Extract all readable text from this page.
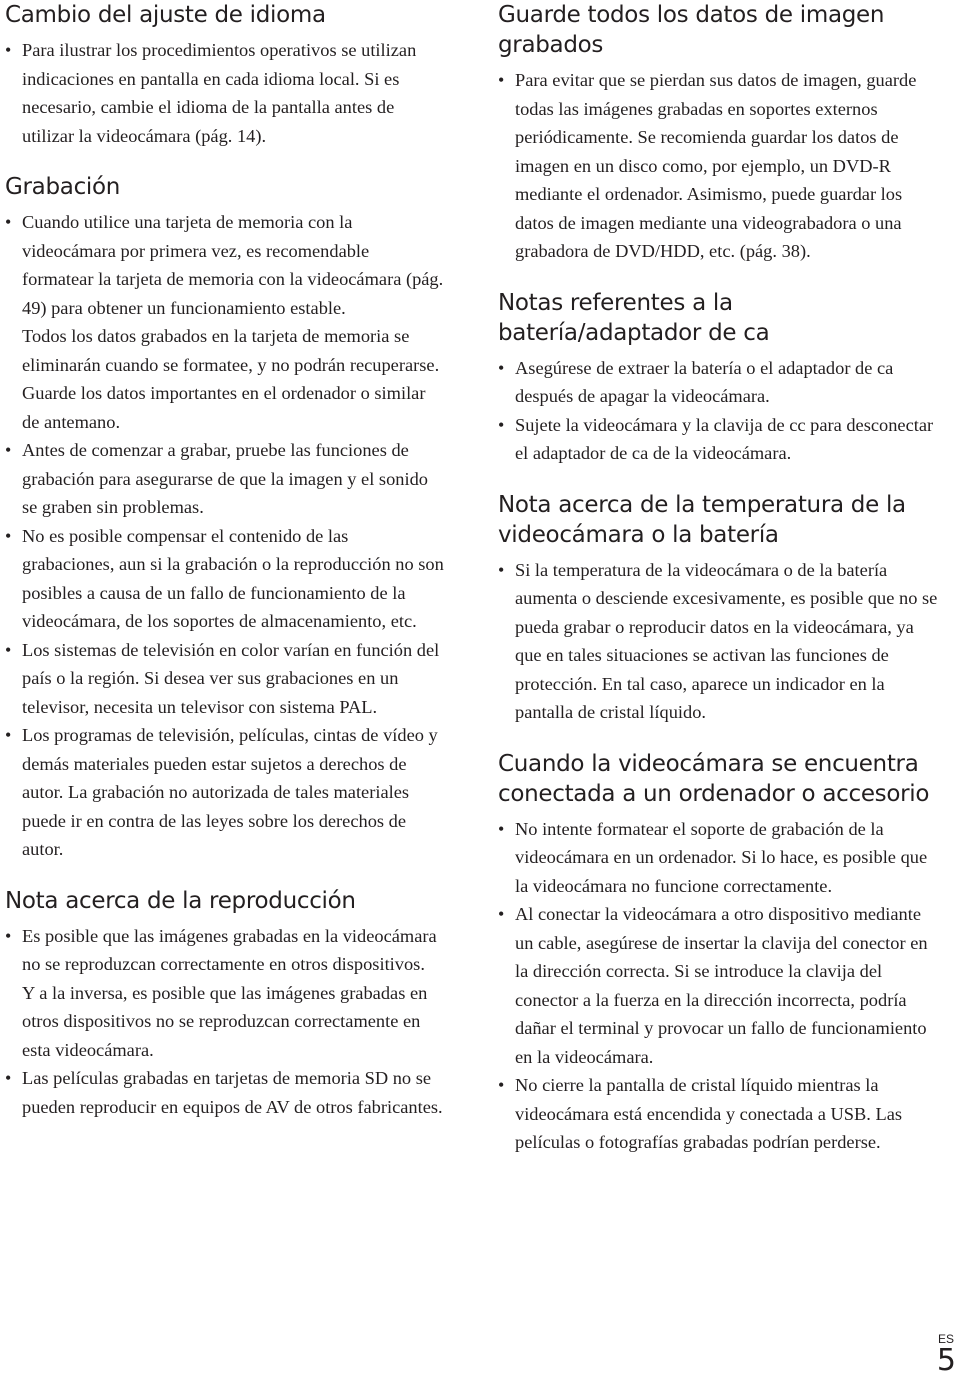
Cambio del ajuste de idioma
• Para ilustrar los procedimientos operativos se utilizan indicaciones en pantalla en cada idioma local. Si es necesario, cambie el idioma de la pantalla antes de utilizar la videocámara (pág. 14).
Grabación
• Cuando utilice una tarjeta de memoria con la videocámara por primera vez, es recomendable formatear la tarjeta de memoria con la videocámara (pág. 49) para obtener un funcionamiento estable.
Todos los datos grabados en la tarjeta de memoria se eliminarán cuando se formatee, y no podrán recuperarse. Guarde los datos importantes en el ordenador o similar de antemano.
• Antes de comenzar a grabar, pruebe las funciones de grabación para asegurarse de que la imagen y el sonido se graben sin problemas.
• No es posible compensar el contenido de las grabaciones, aun si la grabación o la reproducción no son posibles a causa de un fallo de funcionamiento de la videocámara, de los soportes de almacenamiento, etc.
• Los sistemas de televisión en color varían en función del país o la región. Si desea ver sus grabaciones en un televisor, necesita un televisor con sistema PAL.
• Los programas de televisión, películas, cintas de vídeo y demás materiales pueden estar sujetos a derechos de autor. La grabación no autorizada de tales materiales puede ir en contra de las leyes sobre los derechos de autor.
Nota acerca de la reproducción
• Es posible que las imágenes grabadas en la videocámara no se reproduzcan correctamente en otros dispositivos.
Y a la inversa, es posible que las imágenes grabadas en otros dispositivos no se reproduzcan correctamente en esta videocámara.
• Las películas grabadas en tarjetas de memoria SD no se pueden reproducir en equipos de AV de otros fabricantes.
Guarde todos los datos de imagen grabados
• Para evitar que se pierdan sus datos de imagen, guarde todas las imágenes grabadas en soportes externos periódicamente. Se recomienda guardar los datos de imagen en un disco como, por ejemplo, un DVD-R mediante el ordenador. Asimismo, puede guardar los datos de imagen mediante una videograbadora o una grabadora de DVD/HDD, etc. (pág. 38).
Notas referentes a la batería/adaptador de ca
• Asegúrese de extraer la batería o el adaptador de ca después de apagar la videocámara.
• Sujete la videocámara y la clavija de cc para desconectar el adaptador de ca de la videocámara.
Nota acerca de la temperatura de la videocámara o la batería
• Si la temperatura de la videocámara o de la batería aumenta o desciende excesivamente, es posible que no se pueda grabar o reproducir datos en la videocámara, ya que en tales situaciones se activan las funciones de protección. En tal caso, aparece un indicador en la pantalla de cristal líquido.
Cuando la videocámara se encuentra conectada a un ordenador o accesorio
• No intente formatear el soporte de grabación de la videocámara en un ordenador. Si lo hace, es posible que la videocámara no funcione correctamente.
• Al conectar la videocámara a otro dispositivo mediante un cable, asegúrese de insertar la clavija del conector en la dirección correcta. Si se introduce la clavija del conector a la fuerza en la dirección incorrecta, podría dañar el terminal y provocar un fallo de funcionamiento en la videocámara.
• No cierre la pantalla de cristal líquido mientras la videocámara está encendida y conectada a USB. Las películas o fotografías grabadas podrían perderse.
ES
5
